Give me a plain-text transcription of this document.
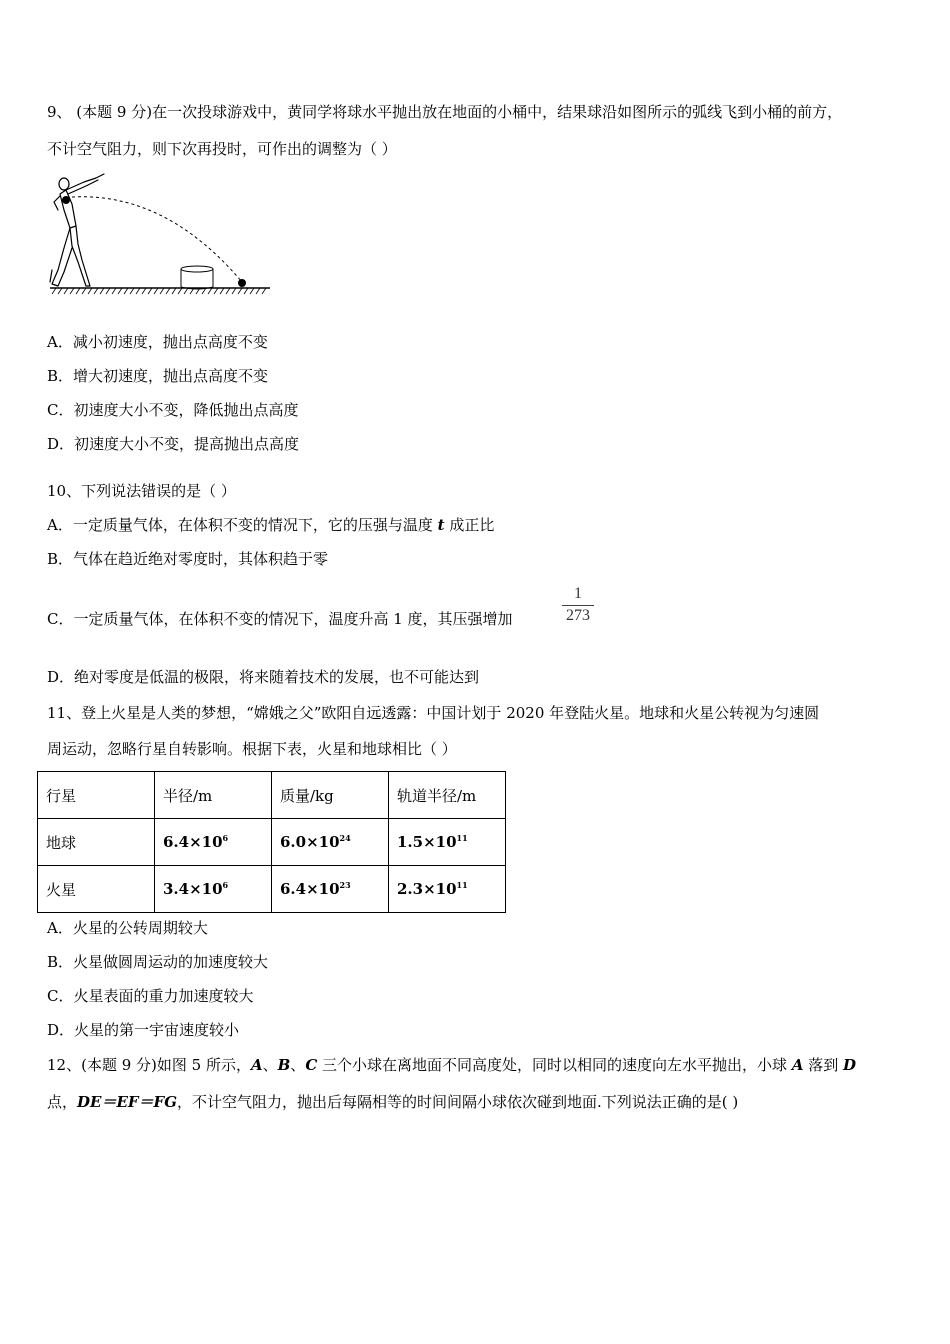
9、 (本题 9 分)在一次投球游戏中，黄同学将球水平抛出放在地面的小桶中，结果球沿如图所示的弧线飞到小桶的前方，
不计空气阻力，则下次再投时，可作出的调整为（ ）
A．减小初速度，抛出点高度不变
B．增大初速度，抛出点高度不变
C．初速度大小不变，降低抛出点高度
D．初速度大小不变，提高抛出点高度
10、下列说法错误的是（ ）
A．一定质量气体，在体积不变的情况下，它的压强与温度 t 成正比
B．气体在趋近绝对零度时，其体积趋于零
C．一定质量气体，在体积不变的情况下，温度升高 1 度，其压强增加
1
273
D．绝对零度是低温的极限，将来随着技术的发展，也不可能达到
11、登上火星是人类的梦想，“嫦娥之父”欧阳自远透露：中国计划于 2020 年登陆火星。地球和火星公转视为匀速圆
周运动，忽略行星自转影响。根据下表，火星和地球相比（ ）
行星	半径/m	质量/kg	轨道半径/m
地球	$6.4\times 10^6$	$6.0\times 10^{24}$	$1.5\times 10^{11}$
火星	$3.4\times 10^6$	$6.4\times 10^{23}$	$2.3\times 10^{11}$
A．火星的公转周期较大
B．火星做圆周运动的加速度较大
C．火星表面的重力加速度较大
D．火星的第一宇宙速度较小
12、(本题 9 分)如图 5 所示，A、B、C 三个小球在离地面不同高度处，同时以相同的速度向左水平抛出，小球 A 落到 D
点，DE＝EF＝FG，不计空气阻力，抛出后每隔相等的时间间隔小球依次碰到地面.下列说法正确的是( )
